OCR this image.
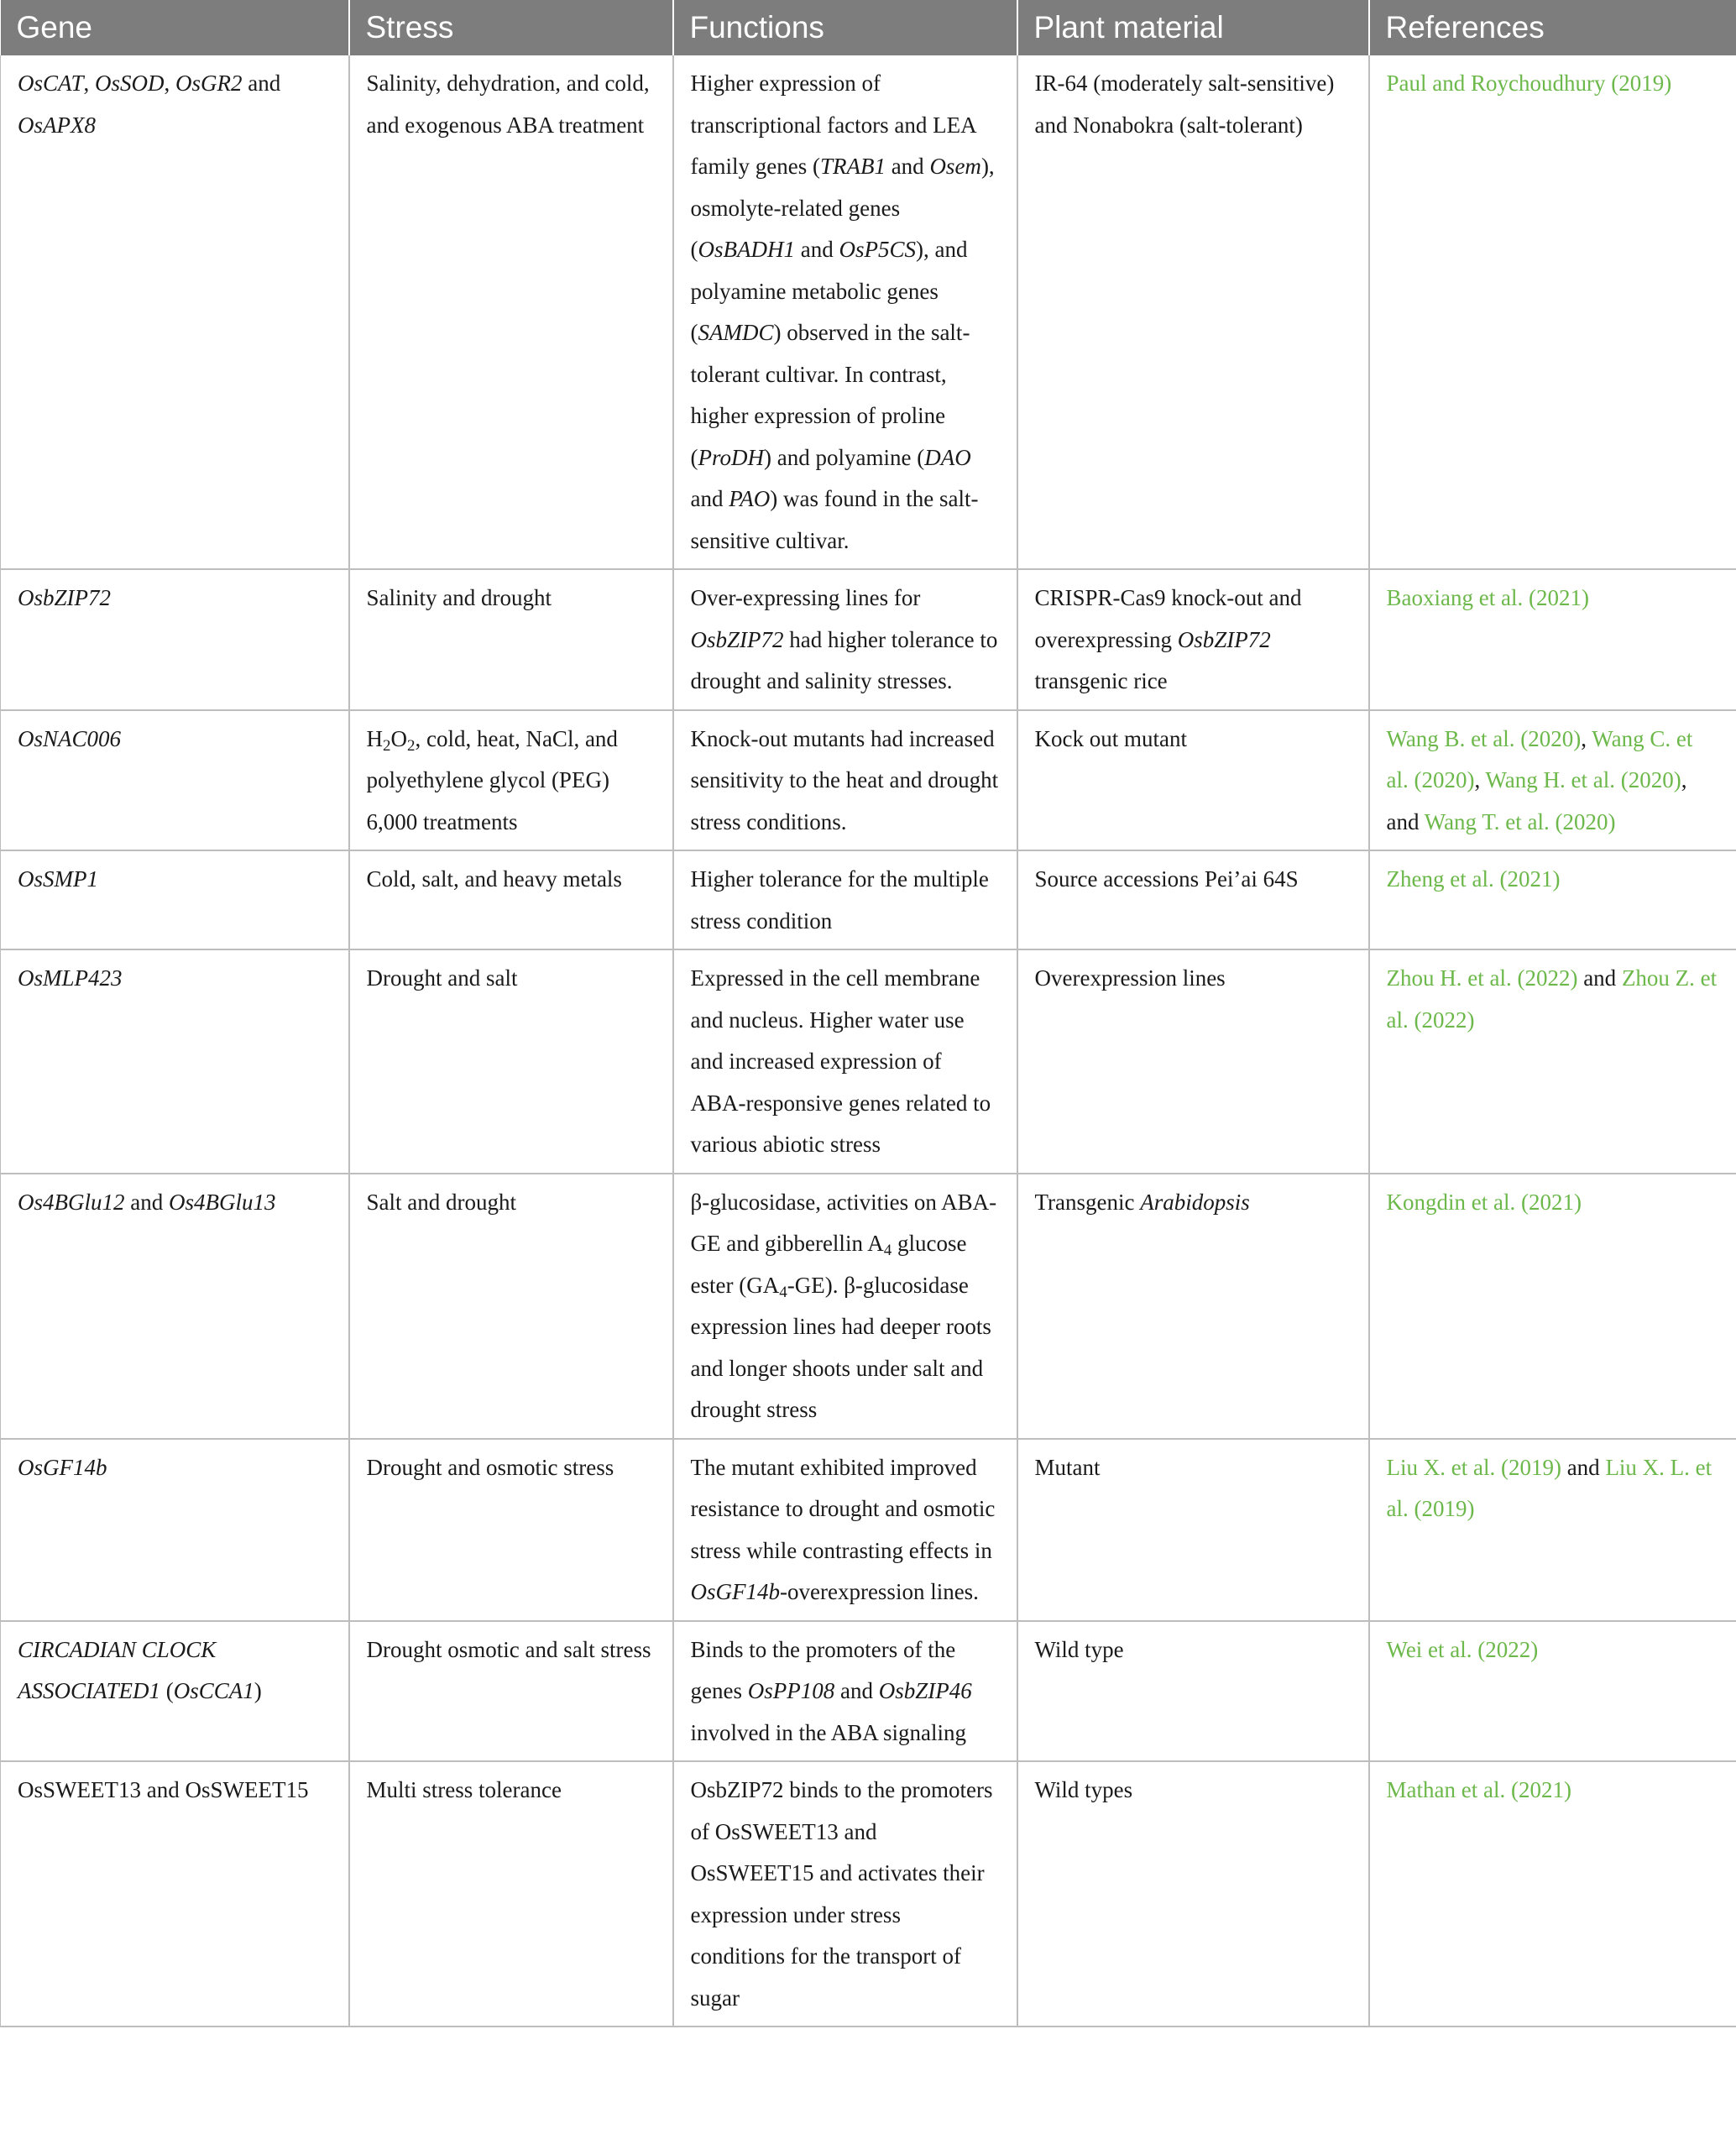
Gene	Stress	Functions	Plant material	References
OsCAT, OsSOD, OsGR2 and OsAPX8	Salinity, dehydration, and cold, and exogenous ABA treatment	Higher expression of transcriptional factors and LEA family genes (TRAB1 and Osem), osmolyte-related genes (OsBADH1 and OsP5CS), and polyamine metabolic genes (SAMDC) observed in the salt-tolerant cultivar. In contrast, higher expression of proline (ProDH) and polyamine (DAO and PAO) was found in the salt-sensitive cultivar.	IR-64 (moderately salt-sensitive) and Nonabokra (salt-tolerant)	Paul and Roychoudhury (2019)
OsbZIP72	Salinity and drought	Over-expressing lines for OsbZIP72 had higher tolerance to drought and salinity stresses.	CRISPR-Cas9 knock-out and overexpressing OsbZIP72 transgenic rice	Baoxiang et al. (2021)
OsNAC006	$H_2O_2$, cold, heat, NaCl, and polyethylene glycol (PEG) 6,000 treatments	Knock-out mutants had increased sensitivity to the heat and drought stress conditions.	Kock out mutant	Wang B. et al. (2020), Wang C. et al. (2020), Wang H. et al. (2020), and Wang T. et al. (2020)
OsSMP1	Cold, salt, and heavy metals	Higher tolerance for the multiple stress condition	Source accessions Pei’ai 64S	Zheng et al. (2021)
OsMLP423	Drought and salt	Expressed in the cell membrane and nucleus. Higher water use and increased expression of ABA-responsive genes related to various abiotic stress	Overexpression lines	Zhou H. et al. (2022) and Zhou Z. et al. (2022)
Os4BGlu12 and Os4BGlu13	Salt and drought	β-glucosidase, activities on ABA-GE and gibberellin $A_4$ glucose ester $(GA_4-GE)$. β-glucosidase expression lines had deeper roots and longer shoots under salt and drought stress	Transgenic Arabidopsis	Kongdin et al. (2021)
OsGF14b	Drought and osmotic stress	The mutant exhibited improved resistance to drought and osmotic stress while contrasting effects in OsGF14b-overexpression lines.	Mutant	Liu X. et al. (2019) and Liu X. L. et al. (2019)
CIRCADIAN CLOCK ASSOCIATED1 (OsCCA1)	Drought osmotic and salt stress	Binds to the promoters of the genes OsPP108 and OsbZIP46 involved in the ABA signaling	Wild type	Wei et al. (2022)
OsSWEET13 and OsSWEET15	Multi stress tolerance	OsbZIP72 binds to the promoters of OsSWEET13 and OsSWEET15 and activates their expression under stress conditions for the transport of sugar	Wild types	Mathan et al. (2021)
